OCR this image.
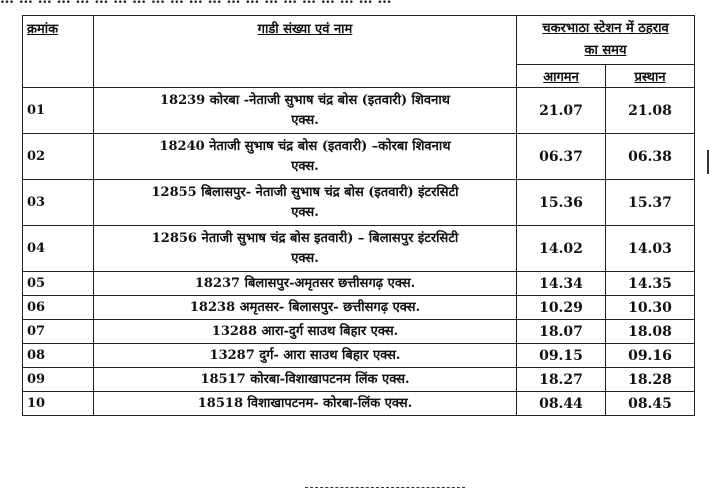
क्रमांक	गाडी संख्या एवं नाम	चकरभाठा स्टेशन में ठहराव
का समय	
		आगमन	प्रस्थान
01	18239 कोरबा -नेताजी सुभाष चंद्र बोस (इतवारी) शिवनाथ
एक्स.	21.07	21.08
02	18240 नेताजी सुभाष चंद्र बोस (इतवारी) –कोरबा शिवनाथ
एक्स.	06.37	06.38
03	12855 बिलासपुर- नेताजी सुभाष चंद्र बोस (इतवारी) इंटरसिटी
एक्स.	15.36	15.37
04	12856 नेताजी सुभाष चंद्र बोस इतवारी) – बिलासपुर इंटरसिटी
एक्स.	14.02	14.03
05	18237 बिलासपुर-अमृतसर छत्तीसगढ़ एक्स.	14.34	14.35
06	18238 अमृतसर- बिलासपुर- छत्तीसगढ़ एक्स.	10.29	10.30
07	13288 आरा-दुर्ग साउथ बिहार एक्स.	18.07	18.08
08	13287 दुर्ग- आरा साउथ बिहार एक्स.	09.15	09.16
09	18517 कोरबा-विशाखापटनम लिंक एक्स.	18.27	18.28
10	18518 विशाखापटनम- कोरबा-लिंक एक्स.	08.44	08.45
